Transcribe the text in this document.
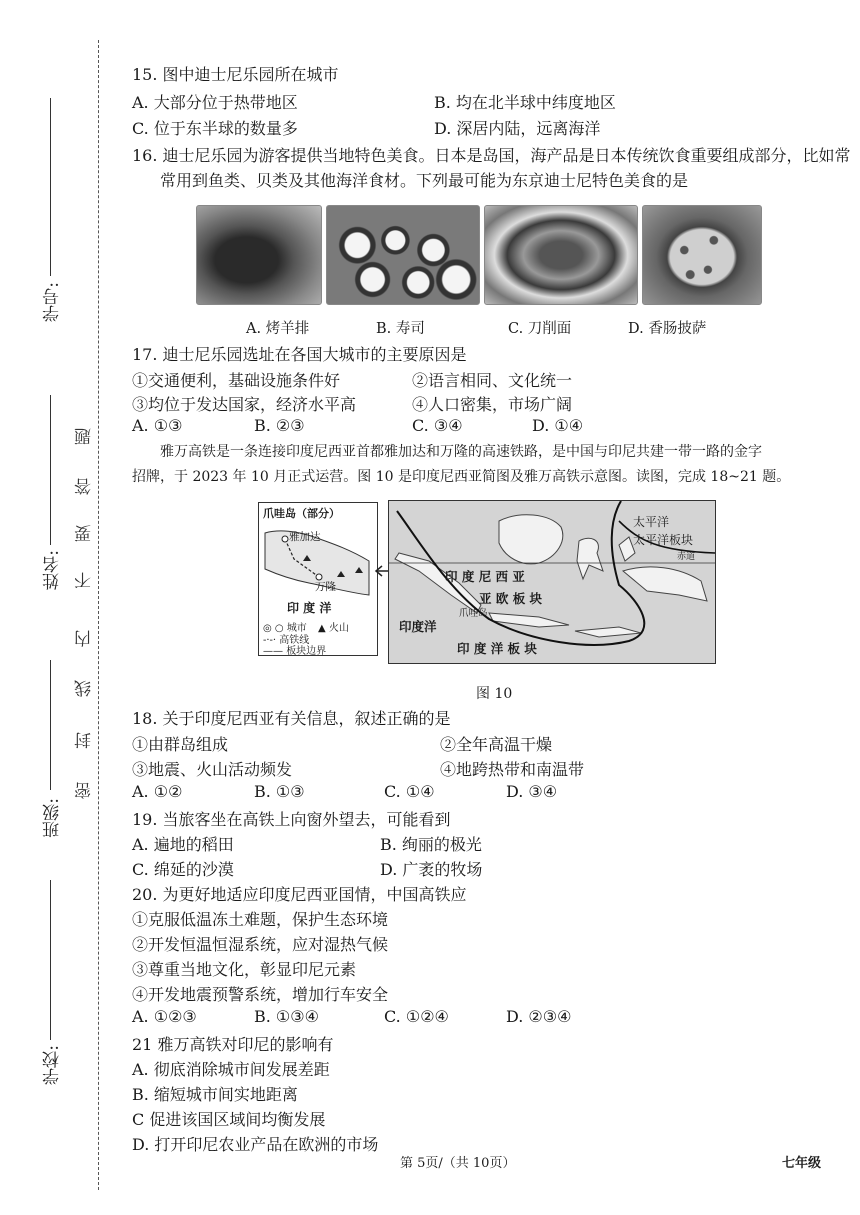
学号:
姓名:
班级:
学校:
题
答
要
不
内
线
封
密
15. 图中迪士尼乐园所在城市
A. 大部分位于热带地区	B. 均在北半球中纬度地区
C. 位于东半球的数量多	D. 深居内陆，远离海洋
16. 迪士尼乐园为游客提供当地特色美食。日本是岛国，海产品是日本传统饮食重要组成部分，比如常
常用到鱼类、贝类及其他海洋食材。下列最可能为东京迪士尼特色美食的是
A. 烤羊排	B. 寿司	C. 刀削面	D. 香肠披萨
17. 迪士尼乐园选址在各国大城市的主要原因是
①交通便利，基础设施条件好	②语言相同、文化统一
③均位于发达国家，经济水平高	④人口密集，市场广阔
A. ①③	B. ②③	C. ③④	D. ①④
雅万高铁是一条连接印度尼西亚首都雅加达和万隆的高速铁路，是中国与印尼共建一带一路的金字
招牌，于 2023 年 10 月正式运营。图 10 是印度尼西亚简图及雅万高铁示意图。读图，完成 18~21 题。
爪哇岛（部分）
雅加达
万隆
印 度 洋
◎ ○ 城市 ▲ 火山
-·-· 高铁线
—— 板块边界
太平洋
太平洋板块
赤道
印 度 尼 西 亚
亚 欧 板 块
爪哇岛
印度洋
印 度 洋 板 块
图 10
18. 关于印度尼西亚有关信息，叙述正确的是
①由群岛组成	②全年高温干燥
③地震、火山活动频发	④地跨热带和南温带
A. ①②	B. ①③	C. ①④	D. ③④
19. 当旅客坐在高铁上向窗外望去，可能看到
A. 遍地的稻田	B. 绚丽的极光
C. 绵延的沙漠	D. 广袤的牧场
20. 为更好地适应印度尼西亚国情，中国高铁应
①克服低温冻土难题，保护生态环境
②开发恒温恒湿系统，应对湿热气候
③尊重当地文化，彰显印尼元素
④开发地震预警系统，增加行车安全
A. ①②③	B. ①③④	C. ①②④	D. ②③④
21 雅万高铁对印尼的影响有
A. 彻底消除城市间发展差距
B. 缩短城市间实地距离
C 促进该国区域间均衡发展
D. 打开印尼农业产品在欧洲的市场
第 5页/（共 10页）	七年级
